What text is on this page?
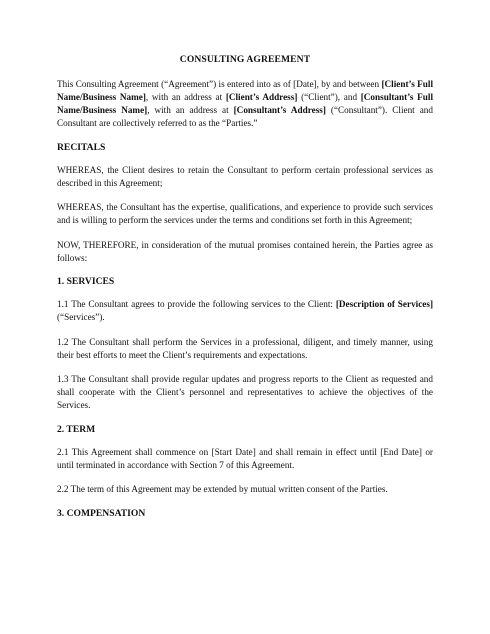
CONSULTING AGREEMENT

This Consulting Agreement (“Agreement”) is entered into as of [Date], by and between [Client’s Full Name/Business Name], with an address at [Client’s Address] (“Client”), and [Consultant’s Full Name/Business Name], with an address at [Consultant’s Address] (“Consultant”). Client and Consultant are collectively referred to as the “Parties.”

RECITALS

WHEREAS, the Client desires to retain the Consultant to perform certain professional services as described in this Agreement;

WHEREAS, the Consultant has the expertise, qualifications, and experience to provide such services and is willing to perform the services under the terms and conditions set forth in this Agreement;

NOW, THEREFORE, in consideration of the mutual promises contained herein, the Parties agree as follows:

1. SERVICES

1.1 The Consultant agrees to provide the following services to the Client: [Description of Services] (“Services”).

1.2 The Consultant shall perform the Services in a professional, diligent, and timely manner, using their best efforts to meet the Client’s requirements and expectations.

1.3 The Consultant shall provide regular updates and progress reports to the Client as requested and shall cooperate with the Client’s personnel and representatives to achieve the objectives of the Services.

2. TERM

2.1 This Agreement shall commence on [Start Date] and shall remain in effect until [End Date] or until terminated in accordance with Section 7 of this Agreement.

2.2 The term of this Agreement may be extended by mutual written consent of the Parties.

3. COMPENSATION
